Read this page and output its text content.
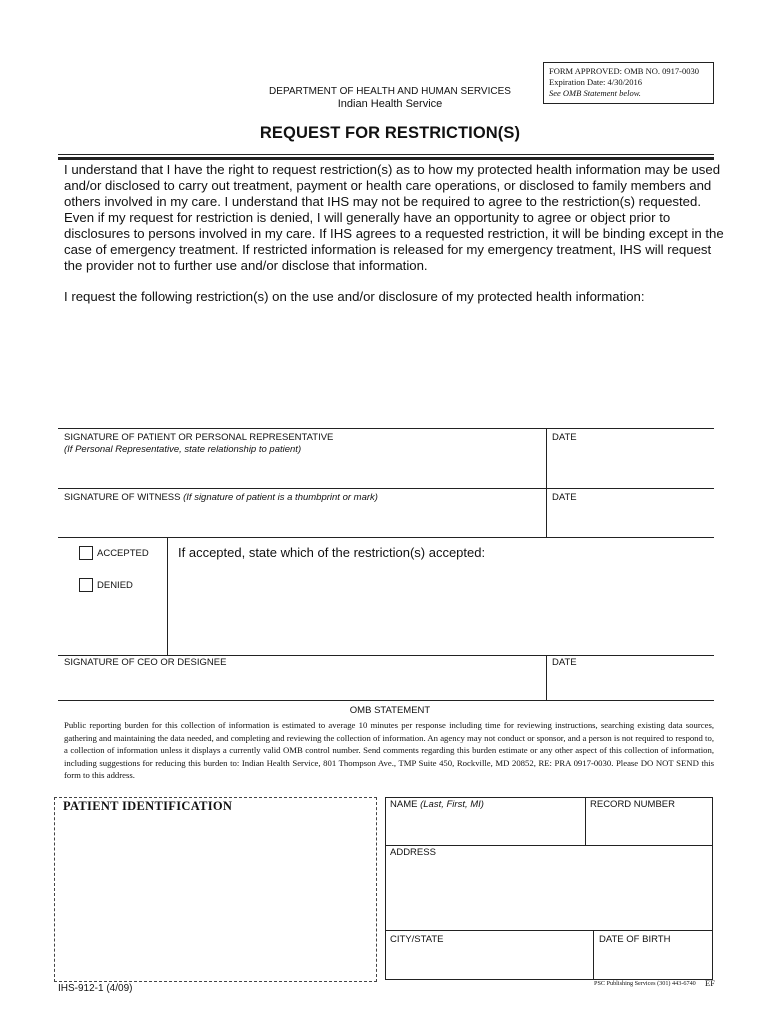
FORM APPROVED: OMB NO. 0917-0030
Expiration Date: 4/30/2016
See OMB Statement below.
DEPARTMENT OF HEALTH AND HUMAN SERVICES
Indian Health Service
REQUEST FOR RESTRICTION(S)
I understand that I have the right to request restriction(s) as to how my protected health information may be used and/or disclosed to carry out treatment, payment or health care operations, or disclosed to family members and others involved in my care. I understand that IHS may not be required to agree to the restriction(s) requested. Even if my request for restriction is denied, I will generally have an opportunity to agree or object prior to disclosures to persons involved in my care. If IHS agrees to a requested restriction, it will be binding except in the case of emergency treatment. If restricted information is released for my emergency treatment, IHS will request the provider not to further use and/or disclose that information.
I request the following restriction(s) on the use and/or disclosure of my protected health information:
SIGNATURE OF PATIENT OR PERSONAL REPRESENTATIVE
(If Personal Representative, state relationship to patient)
DATE
SIGNATURE OF WITNESS (If signature of patient is a thumbprint or mark)	DATE
ACCEPTED
DENIED
If accepted, state which of the restriction(s) accepted:
SIGNATURE OF CEO OR DESIGNEE	DATE
OMB STATEMENT
Public reporting burden for this collection of information is estimated to average 10 minutes per response including time for reviewing instructions, searching existing data sources, gathering and maintaining the data needed, and completing and reviewing the collection of information. An agency may not conduct or sponsor, and a person is not required to respond to, a collection of information unless it displays a currently valid OMB control number. Send comments regarding this burden estimate or any other aspect of this collection of information, including suggestions for reducing this burden to: Indian Health Service, 801 Thompson Ave., TMP Suite 450, Rockville, MD 20852, RE: PRA 0917-0030. Please DO NOT SEND this form to this address.
PATIENT IDENTIFICATION	NAME (Last, First, MI)	RECORD NUMBER
ADDRESS
CITY/STATE	DATE OF BIRTH
IHS-912-1 (4/09)	PSC Publishing Services (301) 443-6740 EF
